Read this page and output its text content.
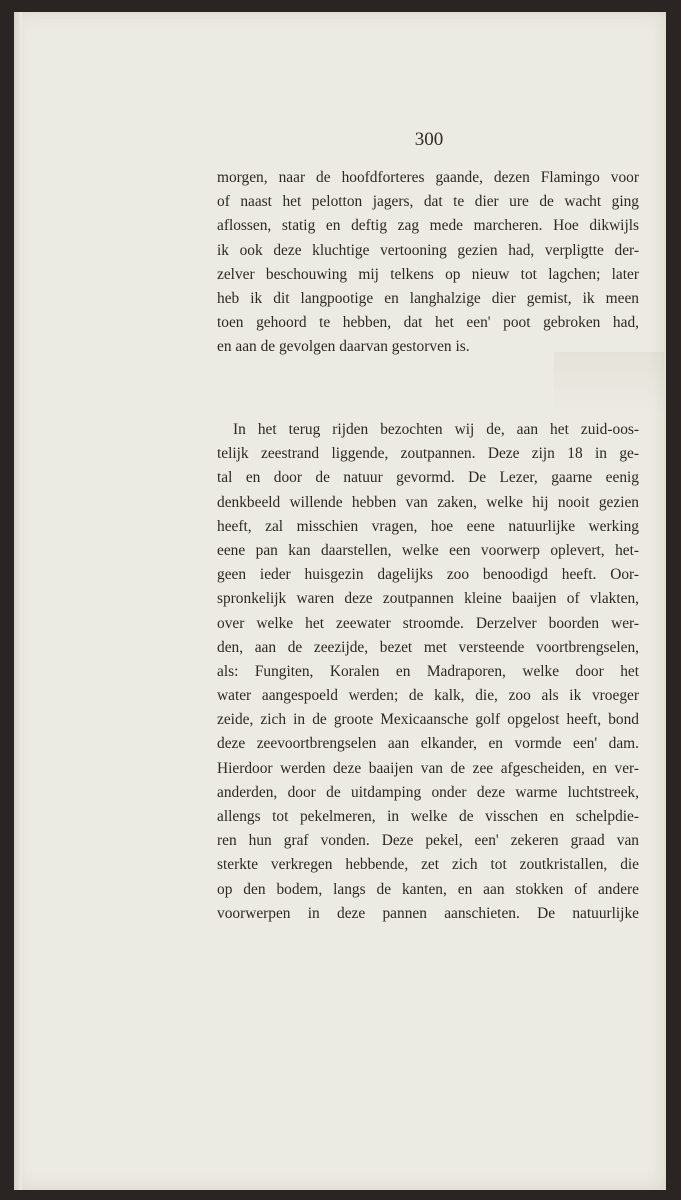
300
morgen, naar de hoofdforteres gaande, dezen Flamingo voor
of naast het pelotton jagers, dat te dier ure de wacht ging
aflossen, statig en deftig zag mede marcheren. Hoe dikwijls
ik ook deze kluchtige vertooning gezien had, verpligtte der-
zelver beschouwing mij telkens op nieuw tot lagchen; later
heb ik dit langpootige en langhalzige dier gemist, ik meen
toen gehoord te hebben, dat het een' poot gebroken had,
en aan de gevolgen daarvan gestorven is.
In het terug rijden bezochten wij de, aan het zuid-oos-
telijk zeestrand liggende, zoutpannen. Deze zijn 18 in ge-
tal en door de natuur gevormd. De Lezer, gaarne eenig
denkbeeld willende hebben van zaken, welke hij nooit gezien
heeft, zal misschien vragen, hoe eene natuurlijke werking
eene pan kan daarstellen, welke een voorwerp oplevert, het-
geen ieder huisgezin dagelijks zoo benoodigd heeft. Oor-
spronkelijk waren deze zoutpannen kleine baaijen of vlakten,
over welke het zeewater stroomde. Derzelver boorden wer-
den, aan de zeezijde, bezet met versteende voortbrengselen,
als: Fungiten, Koralen en Madraporen, welke door het
water aangespoeld werden; de kalk, die, zoo als ik vroeger
zeide, zich in de groote Mexicaansche golf opgelost heeft, bond
deze zeevoortbrengselen aan elkander, en vormde een' dam.
Hierdoor werden deze baaijen van de zee afgescheiden, en ver-
anderden, door de uitdamping onder deze warme luchtstreek,
allengs tot pekelmeren, in welke de visschen en schelpdie-
ren hun graf vonden. Deze pekel, een' zekeren graad van
sterkte verkregen hebbende, zet zich tot zoutkristallen, die
op den bodem, langs de kanten, en aan stokken of andere
voorwerpen in deze pannen aanschieten. De natuurlijke
